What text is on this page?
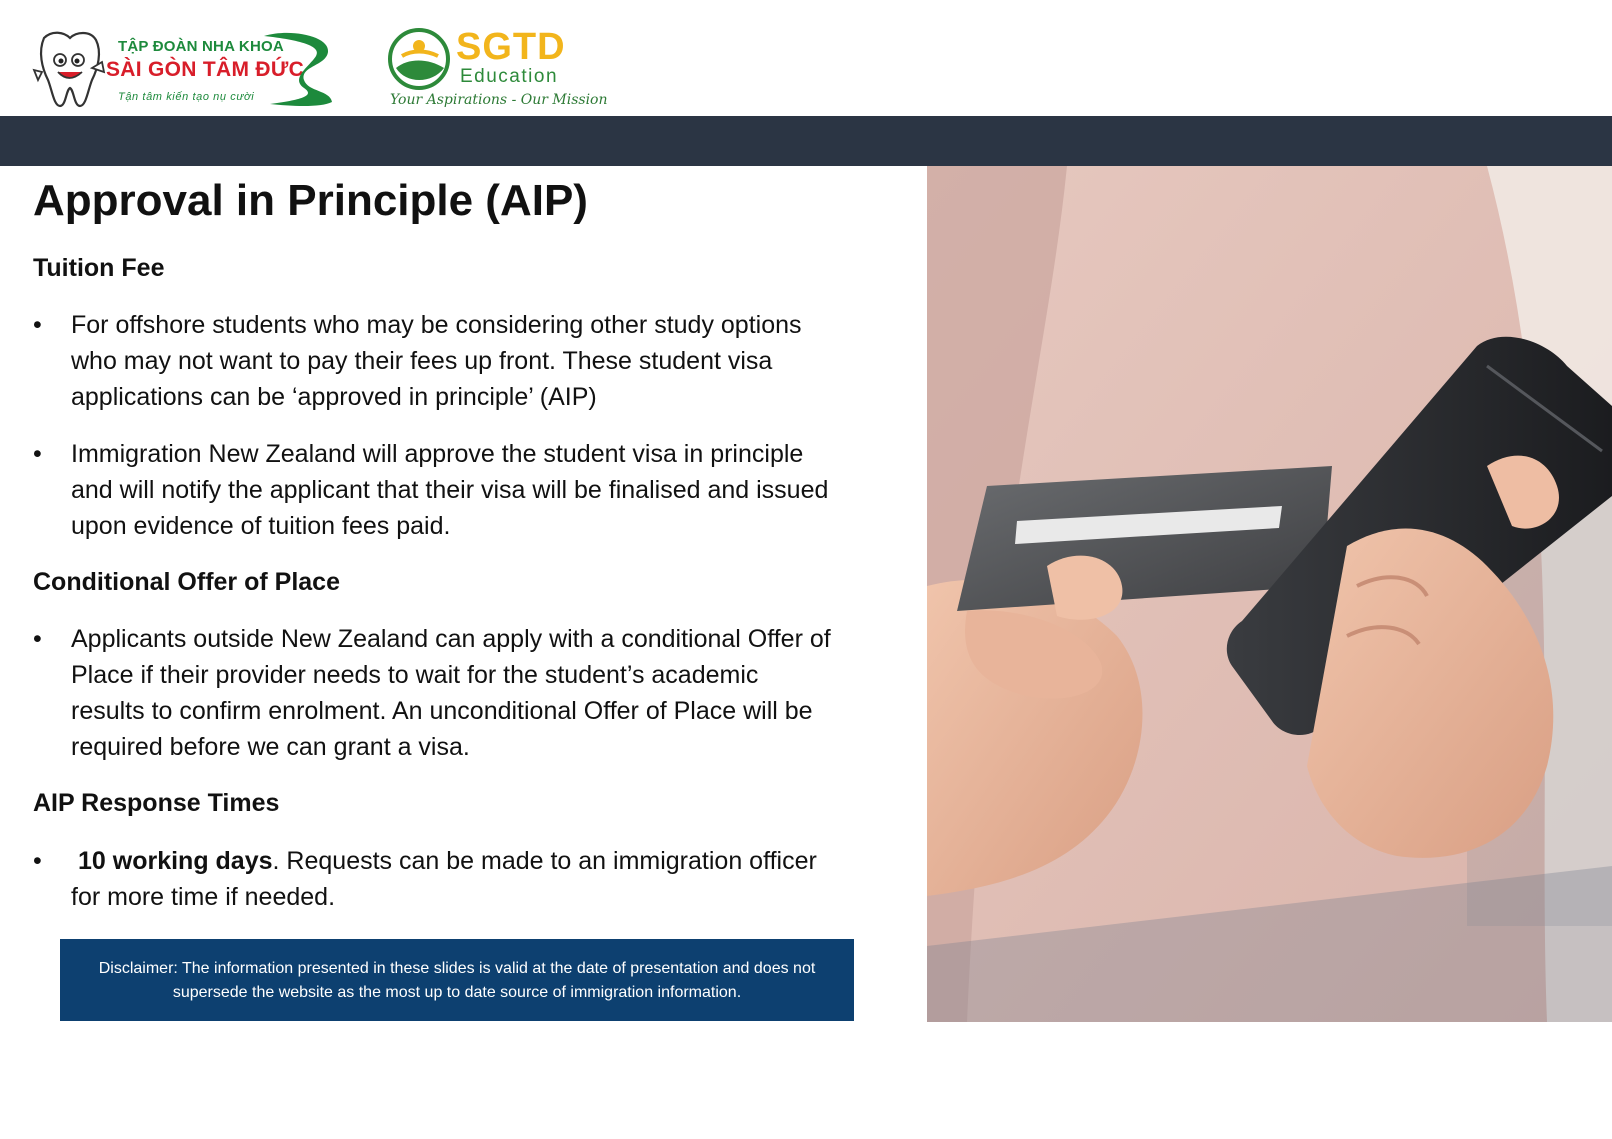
TẬP ĐOÀN NHA KHOA
SÀI GÒN TÂM ĐỨC
Tận tâm kiến tạo nụ cười
SGTD
Education
Your Aspirations - Our Mission
Approval in Principle (AIP)
Tuition Fee

• For offshore students who may be considering other study options who may not want to pay their fees up front. These student visa applications can be ‘approved in principle’ (AIP)

• Immigration New Zealand will approve the student visa in principle and will notify the applicant that their visa will be finalised and issued upon evidence of tuition fees paid.

Conditional Offer of Place

• Applicants outside New Zealand can apply with a conditional Offer of Place if their provider needs to wait for the student’s academic results to confirm enrolment. An unconditional Offer of Place will be required before we can grant a visa.

AIP Response Times

• 10 working days. Requests can be made to an immigration officer for more time if needed.

Disclaimer: The information presented in these slides is valid at the date of presentation and does not supersede the website as the most up to date source of immigration information.
